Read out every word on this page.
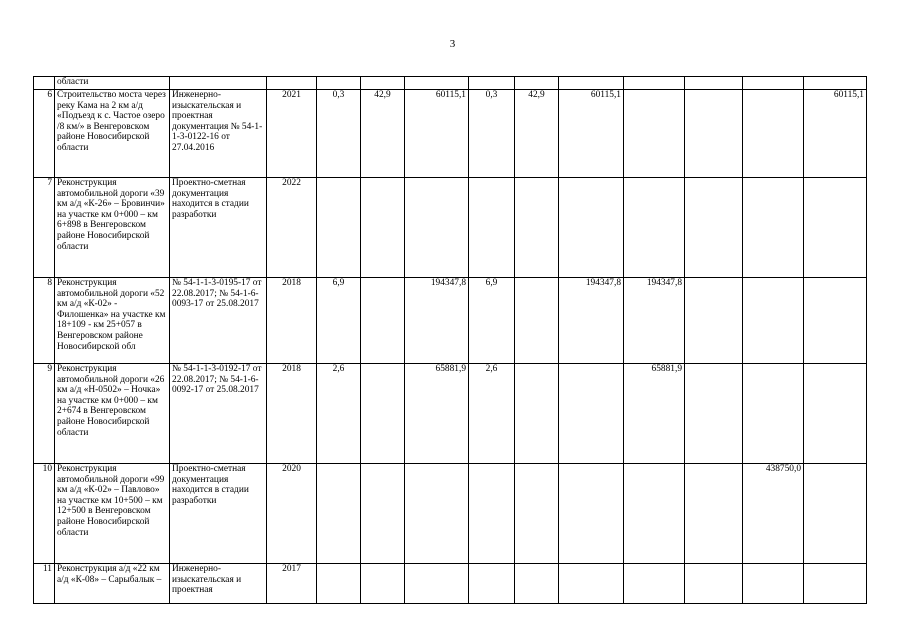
3
	области												
6	Строительство моста через реку Кама на 2 км а/д «Подъезд к с. Частое озеро /8 км/» в Венгеровском районе Новосибирской области	Инженерно-изыскательская и проектная документация № 54-1-1-3-0122-16 от 27.04.2016	2021	0,3	42,9	60115,1	0,3	42,9	60115,1				60115,1
7	Реконструкция автомобильной дороги «39 км а/д «К-26» – Бровинчи» на участке км 0+000 – км 6+898 в Венгеровском районе Новосибирской области	Проектно-сметная документация находится в стадии разработки	2022										
8	Реконструкция автомобильной дороги «52 км а/д «К-02» - Филошенка» на участке км 18+109 - км 25+057 в Венгеровском районе Новосибирской обл	№ 54-1-1-3-0195-17 от 22.08.2017; № 54-1-6-0093-17 от 25.08.2017	2018	6,9		194347,8	6,9		194347,8	194347,8			
9	Реконструкция автомобильной дороги «26 км а/д «Н-0502» – Ночка» на участке км 0+000 – км 2+674 в Венгеровском районе Новосибирской области	№ 54-1-1-3-0192-17 от 22.08.2017; № 54-1-6-0092-17 от 25.08.2017	2018	2,6		65881,9	2,6			65881,9			
10	Реконструкция автомобильной дороги «99 км а/д «К-02» – Павлово» на участке км 10+500 – км 12+500 в Венгеровском районе Новосибирской области	Проектно-сметная документация находится в стадии разработки	2020									438750,0	
11	Реконструкция а/д «22 км а/д «К-08» – Сарыбалык –	Инженерно-изыскательская и проектная	2017										
